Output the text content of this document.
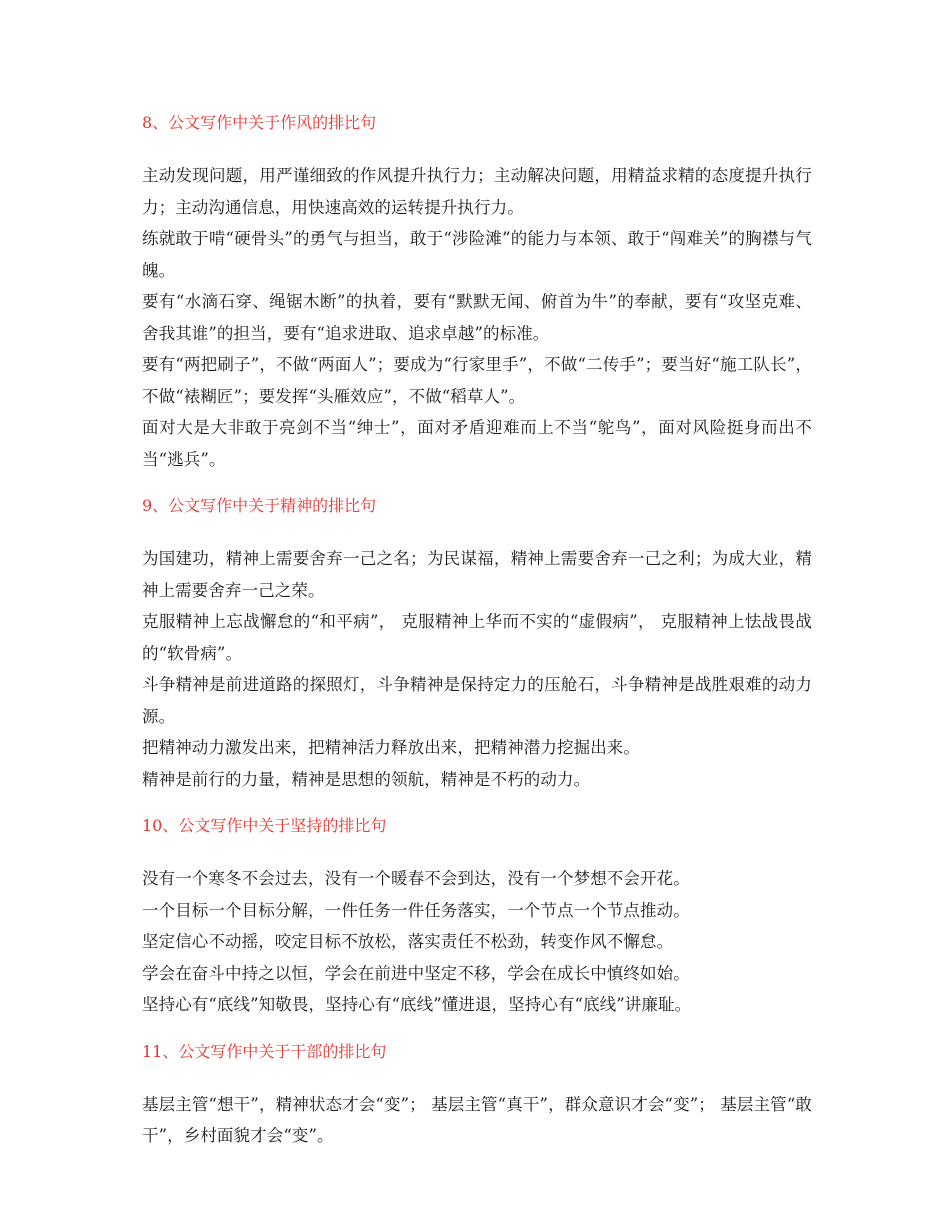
8、公文写作中关于作风的排比句

主动发现问题，用严谨细致的作风提升执行力；主动解决问题，用精益求精的态度提升执行力；主动沟通信息，用快速高效的运转提升执行力。

练就敢于啃“硬骨头”的勇气与担当，敢于“涉险滩”的能力与本领、敢于“闯难关”的胸襟与气魄。

要有“水滴石穿、绳锯木断”的执着，要有“默默无闻、俯首为牛”的奉献，要有“攻坚克难、舍我其谁”的担当，要有“追求进取、追求卓越”的标准。

要有“两把刷子”，不做“两面人”；要成为“行家里手”，不做“二传手”；要当好“施工队长”，不做“裱糊匠”；要发挥“头雁效应”，不做“稻草人”。

面对大是大非敢于亮剑不当“绅士”，面对矛盾迎难而上不当“鸵鸟”，面对风险挺身而出不当“逃兵”。

9、公文写作中关于精神的排比句

为国建功，精神上需要舍弃一己之名；为民谋福，精神上需要舍弃一己之利；为成大业，精神上需要舍弃一己之荣。

克服精神上忘战懈怠的“和平病”， 克服精神上华而不实的“虚假病”， 克服精神上怯战畏战的“软骨病”。

斗争精神是前进道路的探照灯，斗争精神是保持定力的压舱石，斗争精神是战胜艰难的动力源。

把精神动力激发出来，把精神活力释放出来，把精神潜力挖掘出来。

精神是前行的力量，精神是思想的领航，精神是不朽的动力。

10、公文写作中关于坚持的排比句

没有一个寒冬不会过去，没有一个暖春不会到达，没有一个梦想不会开花。

一个目标一个目标分解，一件任务一件任务落实，一个节点一个节点推动。

坚定信心不动摇，咬定目标不放松，落实责任不松劲，转变作风不懈怠。

学会在奋斗中持之以恒，学会在前进中坚定不移，学会在成长中慎终如始。

坚持心有“底线”知敬畏，坚持心有“底线”懂进退，坚持心有“底线”讲廉耻。

11、公文写作中关于干部的排比句

基层主管“想干”，精神状态才会“变”； 基层主管“真干”，群众意识才会“变”； 基层主管“敢干”，乡村面貌才会“变”。
